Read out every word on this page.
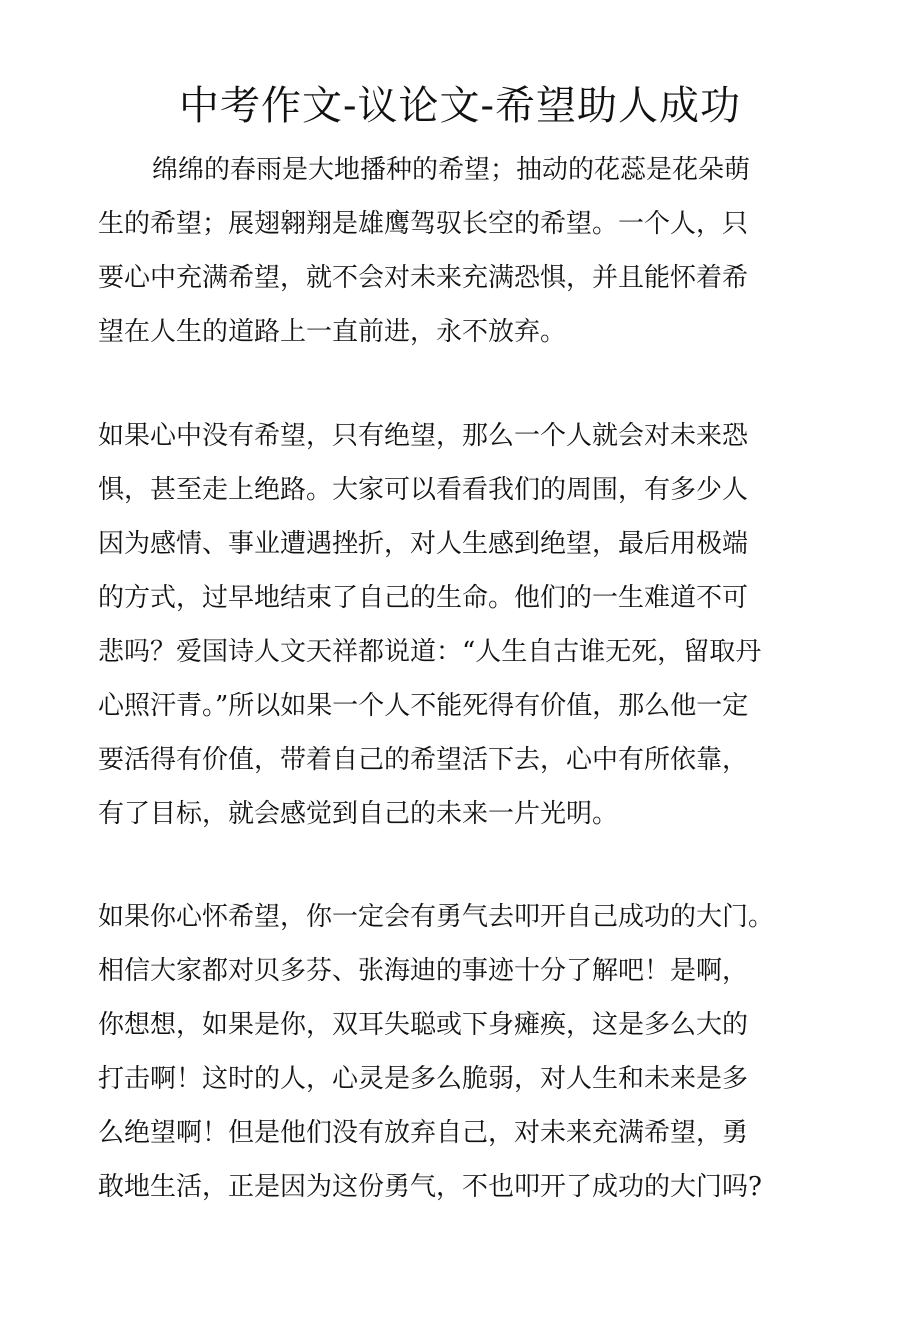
中考作文-议论文-希望助人成功
绵绵的春雨是大地播种的希望；抽动的花蕊是花朵萌
生的希望；展翅翱翔是雄鹰驾驭长空的希望。一个人，只
要心中充满希望，就不会对未来充满恐惧，并且能怀着希
望在人生的道路上一直前进，永不放弃。
如果心中没有希望，只有绝望，那么一个人就会对未来恐
惧，甚至走上绝路。大家可以看看我们的周围，有多少人
因为感情、事业遭遇挫折，对人生感到绝望，最后用极端
的方式，过早地结束了自己的生命。他们的一生难道不可
悲吗？爱国诗人文天祥都说道：“人生自古谁无死，留取丹
心照汗青。”所以如果一个人不能死得有价值，那么他一定
要活得有价值，带着自己的希望活下去，心中有所依靠，
有了目标，就会感觉到自己的未来一片光明。
如果你心怀希望，你一定会有勇气去叩开自己成功的大门。
相信大家都对贝多芬、张海迪的事迹十分了解吧！是啊，
你想想，如果是你，双耳失聪或下身瘫痪，这是多么大的
打击啊！这时的人，心灵是多么脆弱，对人生和未来是多
么绝望啊！但是他们没有放弃自己，对未来充满希望，勇
敢地生活，正是因为这份勇气，不也叩开了成功的大门吗?
